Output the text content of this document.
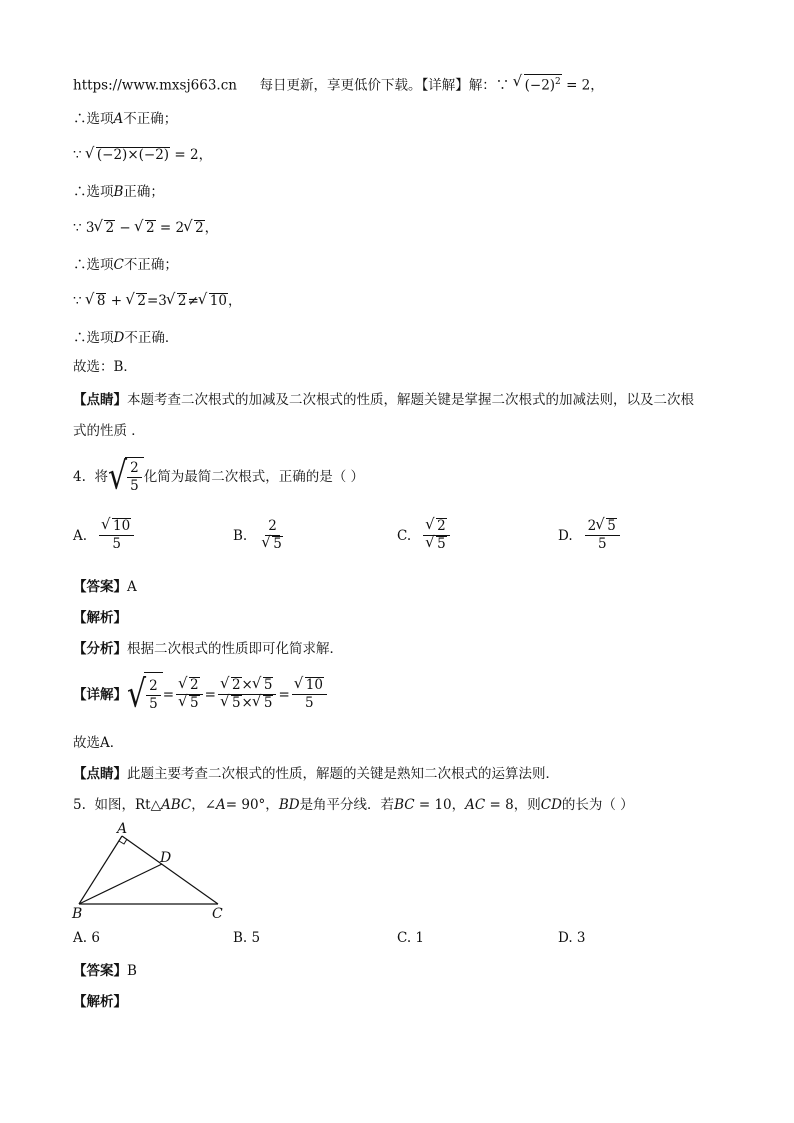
https://www.mxsj663.cn 每日更新，享更低价下载。【详解】解：∵ √ $(-2)^2 = 2$，
∴选项A不正确；
∵ √ (−2)×(−2) = 2，
∴选项B正确；
∵ 3 √ 2 − √ 2 = 2 √ 2，
∴选项C不正确；
∵ √ 8 + √ 2=3 √ 2≠ √ 10，
∴选项D不正确．
故选：B．
【点睛】本题考查二次根式的加减及二次根式的性质，解题关键是掌握二次根式的加减法则，以及二次根
式的性质 ．
4.
将 √ $\frac{2}{5}$ 化简为最简二次根式，正确的是（ ）
A. √ $\frac{10}{5}$	B. 2
√ 5	C. √ 2
√ 5	D. $\frac{2 √ 5}{5}$
【答案】A
【解析】
【分析】根据二次根式的性质即可化简求解．
【详解】 √ $\frac{2}{5}$ = √ 2
√ 5 = √ 2× √ 5
√ 5× √ 5 = √ $\frac{10}{5}$
故选A．
【点睛】此题主要考查二次根式的性质，解题的关键是熟知二次根式的运算法则．
5. 如图，Rt△ABC，∠A= 90°，BD是角平分线．若BC = 10，AC = 8，则CD的长为（ ）
A
D
B	C
A. 6	B. 5	C. 1	D. 3
【答案】B
【解析】
